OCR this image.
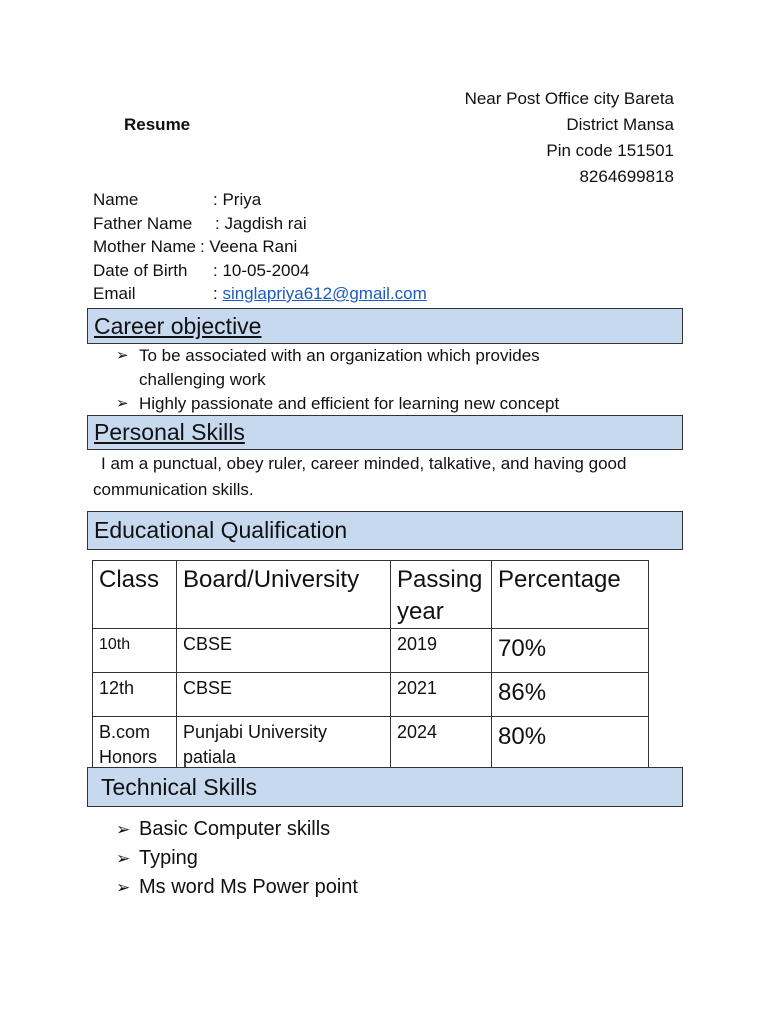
Near Post Office city Bareta
District Mansa
Pin code 151501
8264699818
Resume
Name	: Priya
Father Name	: Jagdish rai
Mother Name : Veena Rani
Date of Birth	: 10-05-2004
Email	: singlapriya612@gmail.com
Career objective
➢ To be associated with an organization which provides challenging work
➢ Highly passionate and efficient for learning new concept
Personal Skills
I am a punctual, obey ruler, career minded, talkative, and having good communication skills.
Educational Qualification
Class	Board/University	Passing year	Percentage
10th	CBSE	2019	70%
12th	CBSE	2021	86%
B.com Honors	Punjabi University patiala	2024	80%
Technical Skills
➢ Basic Computer skills
➢ Typing
➢ Ms word Ms Power point
